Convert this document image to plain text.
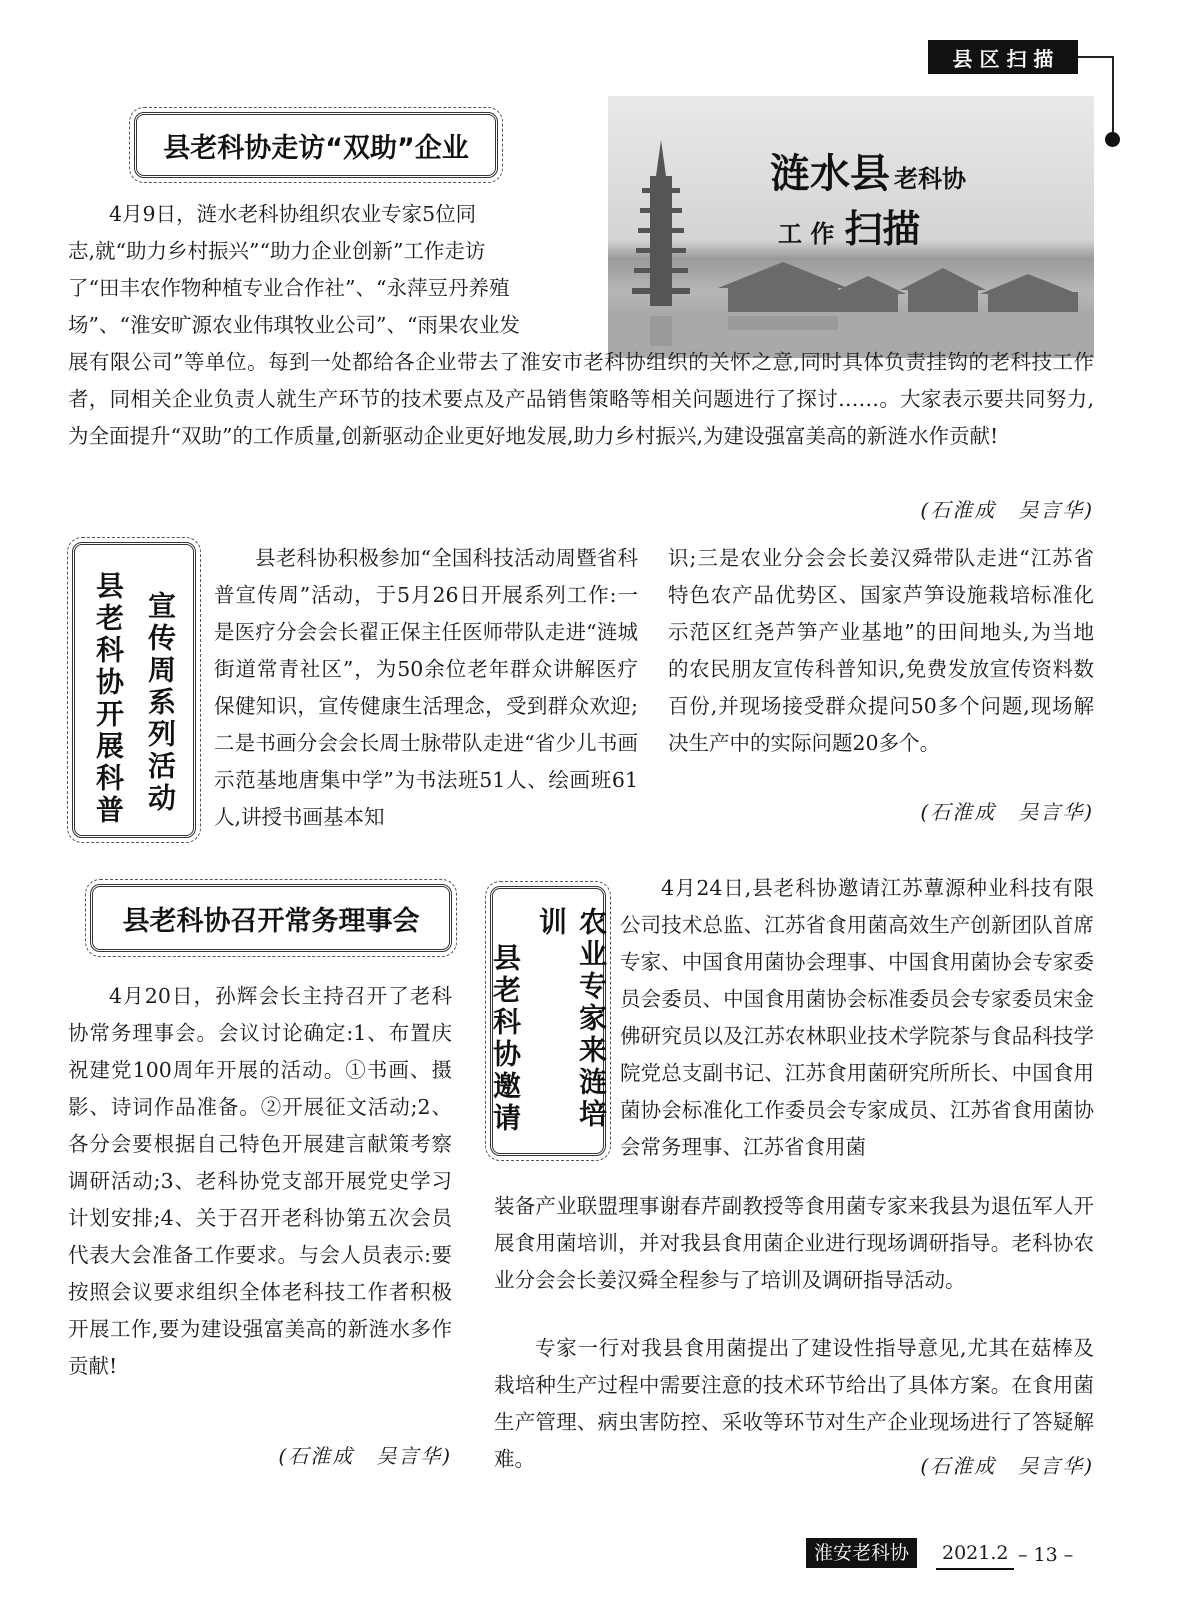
县 区 扫 描
涟水县 老科协
工 作 扫描
县老科协走访“双助”企业

4月9日，涟水老科协组织农业专家5位同

志,就“助力乡村振兴”“助力企业创新”工作走访

了“田丰农作物种植专业合作社”、“永萍豆丹养殖

场”、“淮安旷源农业伟琪牧业公司”、“雨果农业发

展有限公司”等单位。每到一处都给各企业带去了淮安市老科协组织的关怀之意,同时具体负责挂钩的老科技工作者，同相关企业负责人就生产环节的技术要点及产品销售策略等相关问题进行了探讨……。大家表示要共同努力,为全面提升“双助”的工作质量,创新驱动企业更好地发展,助力乡村振兴,为建设强富美高的新涟水作贡献!

(石淮成　吴言华)

宣传周系列活动
县老科协开展科普

县老科协积极参加“全国科技活动周暨省科普宣传周”活动，于5月26日开展系列工作:一是医疗分会会长翟正保主任医师带队走进“涟城街道常青社区”，为50余位老年群众讲解医疗保健知识，宣传健康生活理念，受到群众欢迎;二是书画分会会长周士脉带队走进“省少儿书画示范基地唐集中学”为书法班51人、绘画班61人,讲授书画基本知

识;三是农业分会会长姜汉舜带队走进“江苏省特色农产品优势区、国家芦笋设施栽培标准化示范区红尧芦笋产业基地”的田间地头,为当地的农民朋友宣传科普知识,免费发放宣传资料数百份,并现场接受群众提问50多个问题,现场解决生产中的实际问题20多个。

(石淮成　吴言华)

县老科协召开常务理事会

4月20日，孙辉会长主持召开了老科协常务理事会。会议讨论确定:1、布置庆祝建党100周年开展的活动。①书画、摄影、诗词作品准备。②开展征文活动;2、各分会要根据自己特色开展建言献策考察调研活动;3、老科协党支部开展党史学习计划安排;4、关于召开老科协第五次会员代表大会准备工作要求。与会人员表示:要按照会议要求组织全体老科技工作者积极开展工作,要为建设强富美高的新涟水多作贡献!

(石淮成　吴言华)

农业专家来涟培训
县老科协邀请

4月24日,县老科协邀请江苏蕈源种业科技有限公司技术总监、江苏省食用菌高效生产创新团队首席专家、中国食用菌协会理事、中国食用菌协会专家委员会委员、中国食用菌协会标准委员会专家委员宋金佛研究员以及江苏农林职业技术学院茶与食品科技学院党总支副书记、江苏食用菌研究所所长、中国食用菌协会标准化工作委员会专家成员、江苏省食用菌协会常务理事、江苏省食用菌

装备产业联盟理事谢春芹副教授等食用菌专家来我县为退伍军人开展食用菌培训，并对我县食用菌企业进行现场调研指导。老科协农业分会会长姜汉舜全程参与了培训及调研指导活动。

专家一行对我县食用菌提出了建设性指导意见,尤其在菇棒及栽培种生产过程中需要注意的技术环节给出了具体方案。在食用菌生产管理、病虫害防控、采收等环节对生产企业现场进行了答疑解难。	(石淮成　吴言华)

淮安老科协	2021.2 – 13 –
